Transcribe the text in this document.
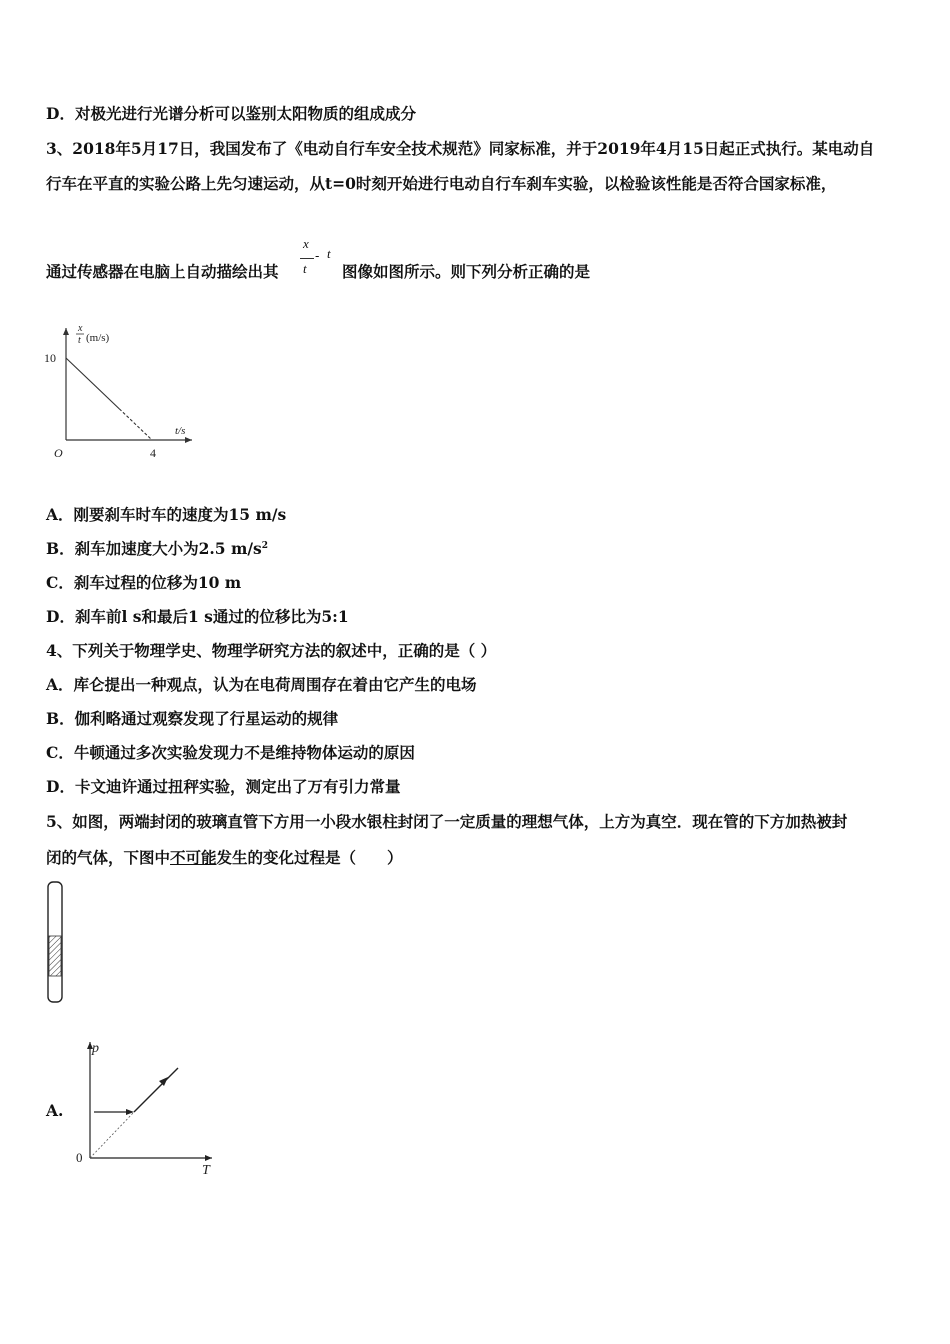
D．对极光进行光谱分析可以鉴别太阳物质的组成成分
3、2018年5月17日，我国发布了《电动自行车安全技术规范》同家标准，并于2019年4月15日起正式执行。某电动自
行车在平直的实验公路上先匀速运动，从t=0时刻开始进行电动自行车刹车实验，以检验该性能是否符合国家标准，
通过传感器在电脑上自动描绘出其
x
t
- t
图像如图所示。则下列分析正确的是
x
t (m/s)
10
O	4
t/s
A．刚要刹车时车的速度为15 m/s
B．刹车加速度大小为2.5 $m/s^2$
C．刹车过程的位移为10 m
D．刹车前l s和最后1 s通过的位移比为5:1
4、下列关于物理学史、物理学研究方法的叙述中，正确的是（ ）
A．库仑提出一种观点，认为在电荷周围存在着由它产生的电场
B．伽利略通过观察发现了行星运动的规律
C．牛顿通过多次实验发现力不是维持物体运动的原因
D．卡文迪许通过扭秤实验，测定出了万有引力常量
5、如图，两端封闭的玻璃直管下方用一小段水银柱封闭了一定质量的理想气体，上方为真空．现在管的下方加热被封
闭的气体，下图中不可能发生的变化过程是（　　）
A.
p
0
T
